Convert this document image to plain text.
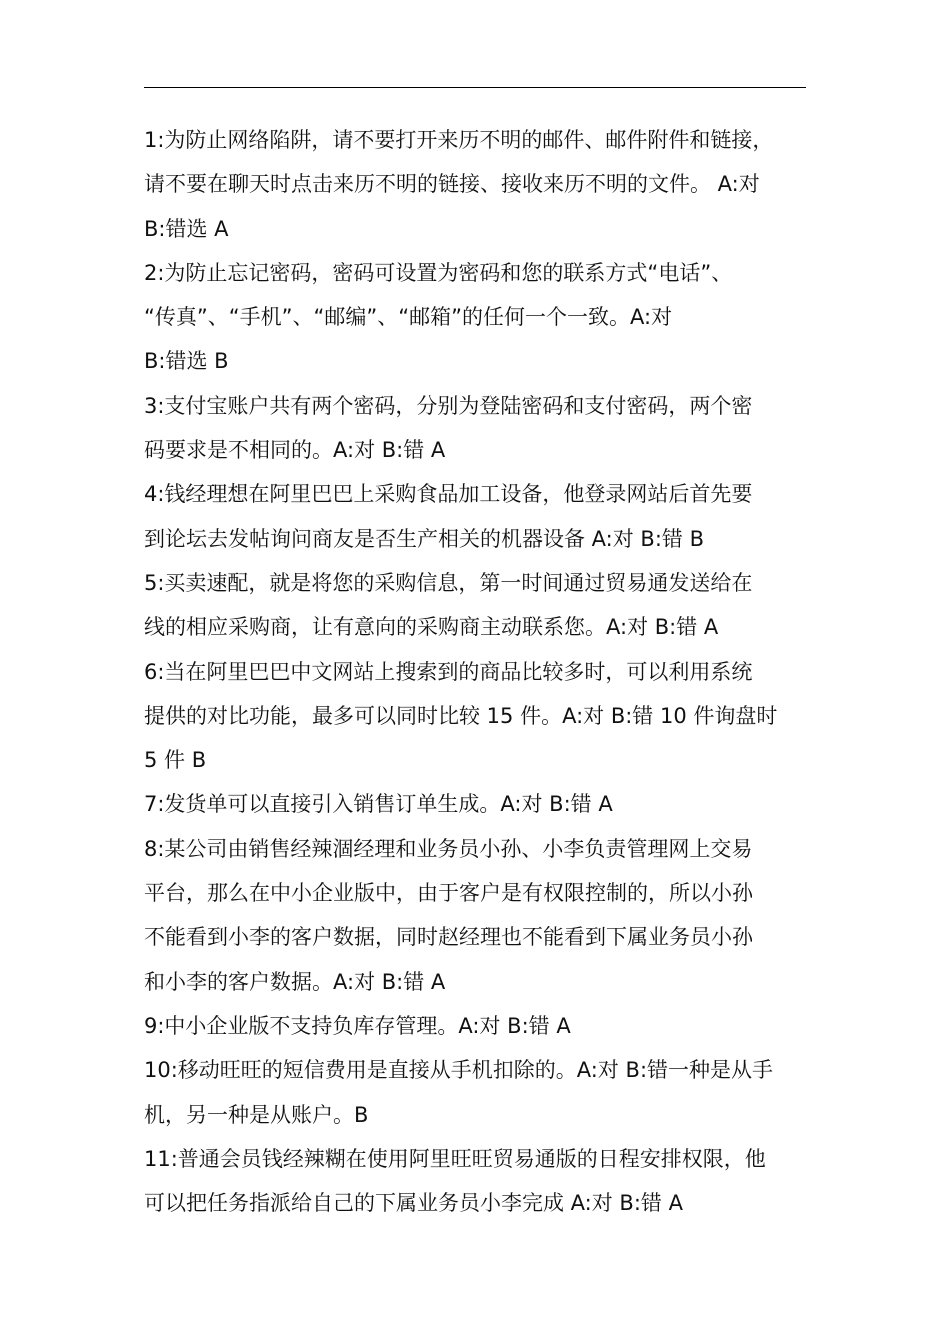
1:为防止网络陷阱，请不要打开来历不明的邮件、邮件附件和链接，
请不要在聊天时点击来历不明的链接、接收来历不明的文件。 A:对
B:错选 A
2:为防止忘记密码，密码可设置为密码和您的联系方式“电话”、
“传真”、“手机”、“邮编”、“邮箱”的任何一个一致。A:对
B:错选 B
3:支付宝账户共有两个密码，分别为登陆密码和支付密码，两个密
码要求是不相同的。A:对 B:错 A
4:钱经理想在阿里巴巴上采购食品加工设备，他登录网站后首先要
到论坛去发帖询问商友是否生产相关的机器设备 A:对 B:错 B
5:买卖速配，就是将您的采购信息，第一时间通过贸易通发送给在
线的相应采购商，让有意向的采购商主动联系您。A:对 B:错 A
6:当在阿里巴巴中文网站上搜索到的商品比较多时，可以利用系统
提供的对比功能，最多可以同时比较 15 件。A:对 B:错 10 件询盘时
5 件 B
7:发货单可以直接引入销售订单生成。A:对 B:错 A
8:某公司由销售经辣涸经理和业务员小孙、小李负责管理网上交易
平台，那么在中小企业版中，由于客户是有权限控制的，所以小孙
不能看到小李的客户数据，同时赵经理也不能看到下属业务员小孙
和小李的客户数据。A:对 B:错 A
9:中小企业版不支持负库存管理。A:对 B:错 A
10:移动旺旺的短信费用是直接从手机扣除的。A:对 B:错一种是从手
机，另一种是从账户。B
11:普通会员钱经辣糊在使用阿里旺旺贸易通版的日程安排权限，他
可以把任务指派给自己的下属业务员小李完成 A:对 B:错 A
